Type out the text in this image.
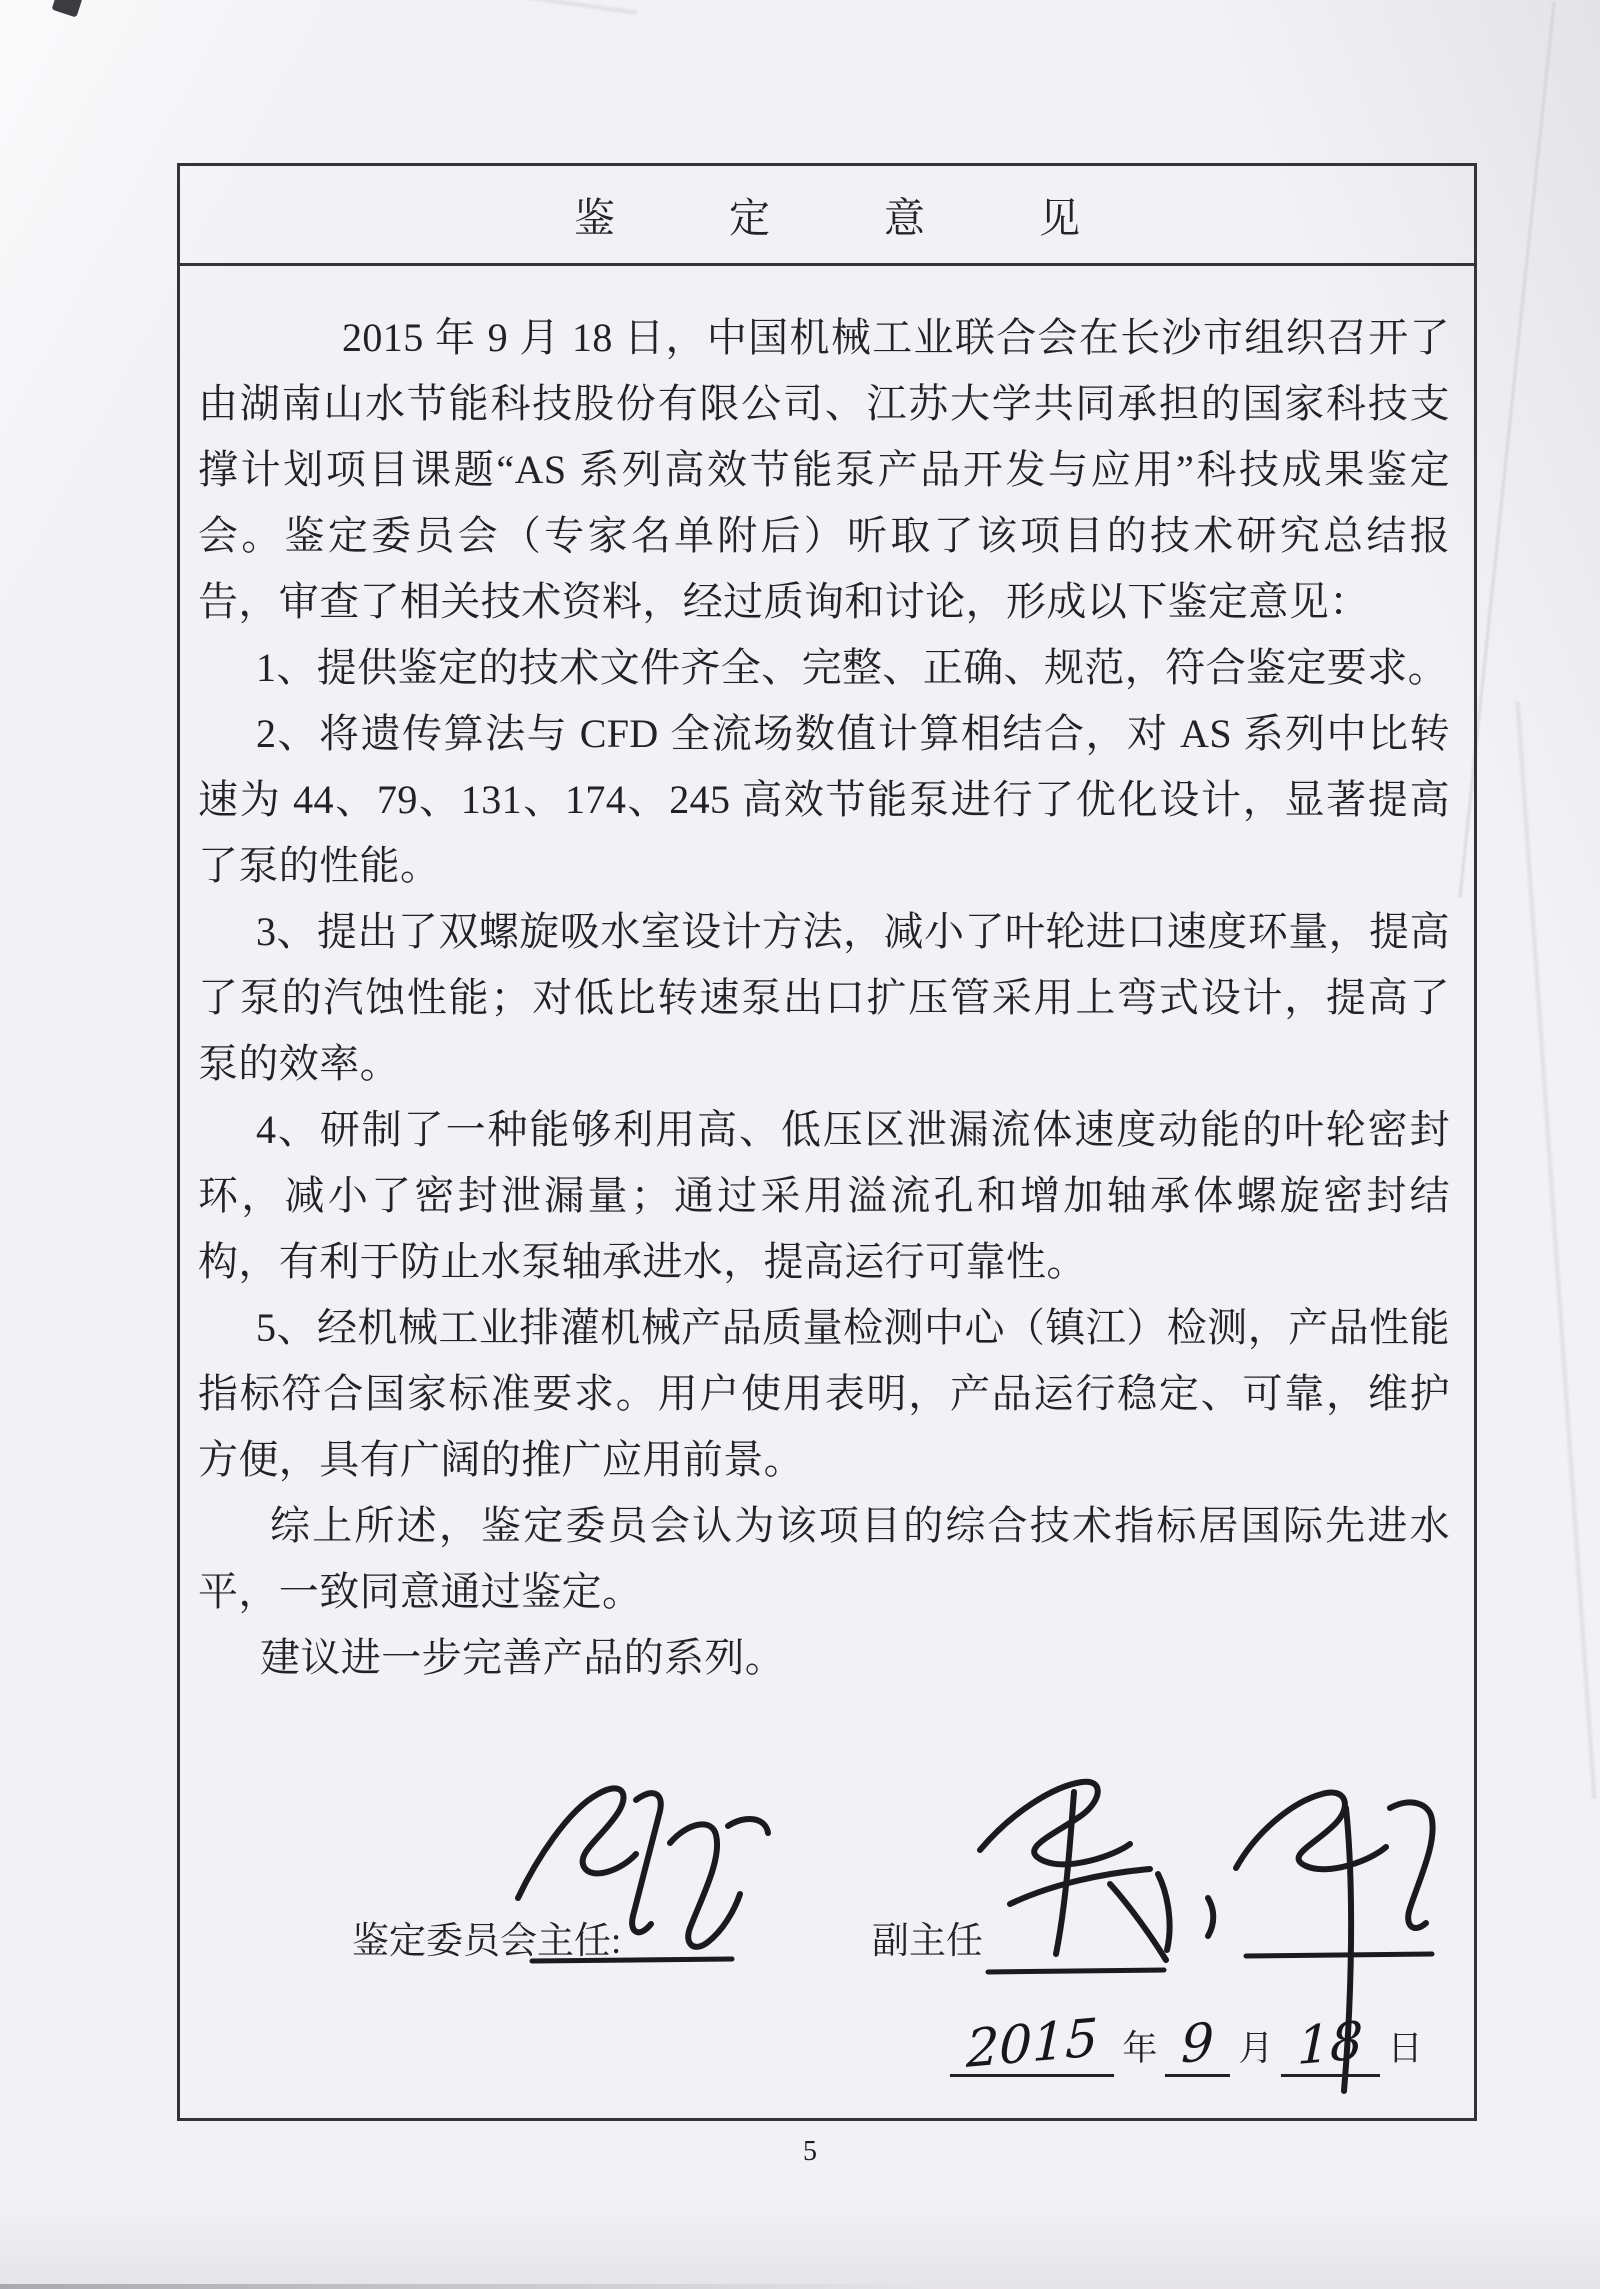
鉴	定	意	见

2015 年 9 月 18 日，中国机械工业联合会在长沙市组织召开了由湖南山水节能科技股份有限公司、江苏大学共同承担的国家科技支撑计划项目课题“AS 系列高效节能泵产品开发与应用”科技成果鉴定会。鉴定委员会（专家名单附后）听取了该项目的技术研究总结报告，审查了相关技术资料，经过质询和讨论，形成以下鉴定意见：

1、提供鉴定的技术文件齐全、完整、正确、规范，符合鉴定要求。

2、将遗传算法与 CFD 全流场数值计算相结合，对 AS 系列中比转速为 44、79、131、174、245 高效节能泵进行了优化设计，显著提高了泵的性能。

3、提出了双螺旋吸水室设计方法，减小了叶轮进口速度环量，提高了泵的汽蚀性能；对低比转速泵出口扩压管采用上弯式设计，提高了泵的效率。

4、研制了一种能够利用高、低压区泄漏流体速度动能的叶轮密封环，减小了密封泄漏量；通过采用溢流孔和增加轴承体螺旋密封结构，有利于防止水泵轴承进水，提高运行可靠性。

5、经机械工业排灌机械产品质量检测中心（镇江）检测，产品性能指标符合国家标准要求。用户使用表明，产品运行稳定、可靠，维护方便，具有广阔的推广应用前景。

综上所述，鉴定委员会认为该项目的综合技术指标居国际先进水平，一致同意通过鉴定。

建议进一步完善产品的系列。

鉴定委员会主任:	副主任
2015 年 9 月 18 日
5
